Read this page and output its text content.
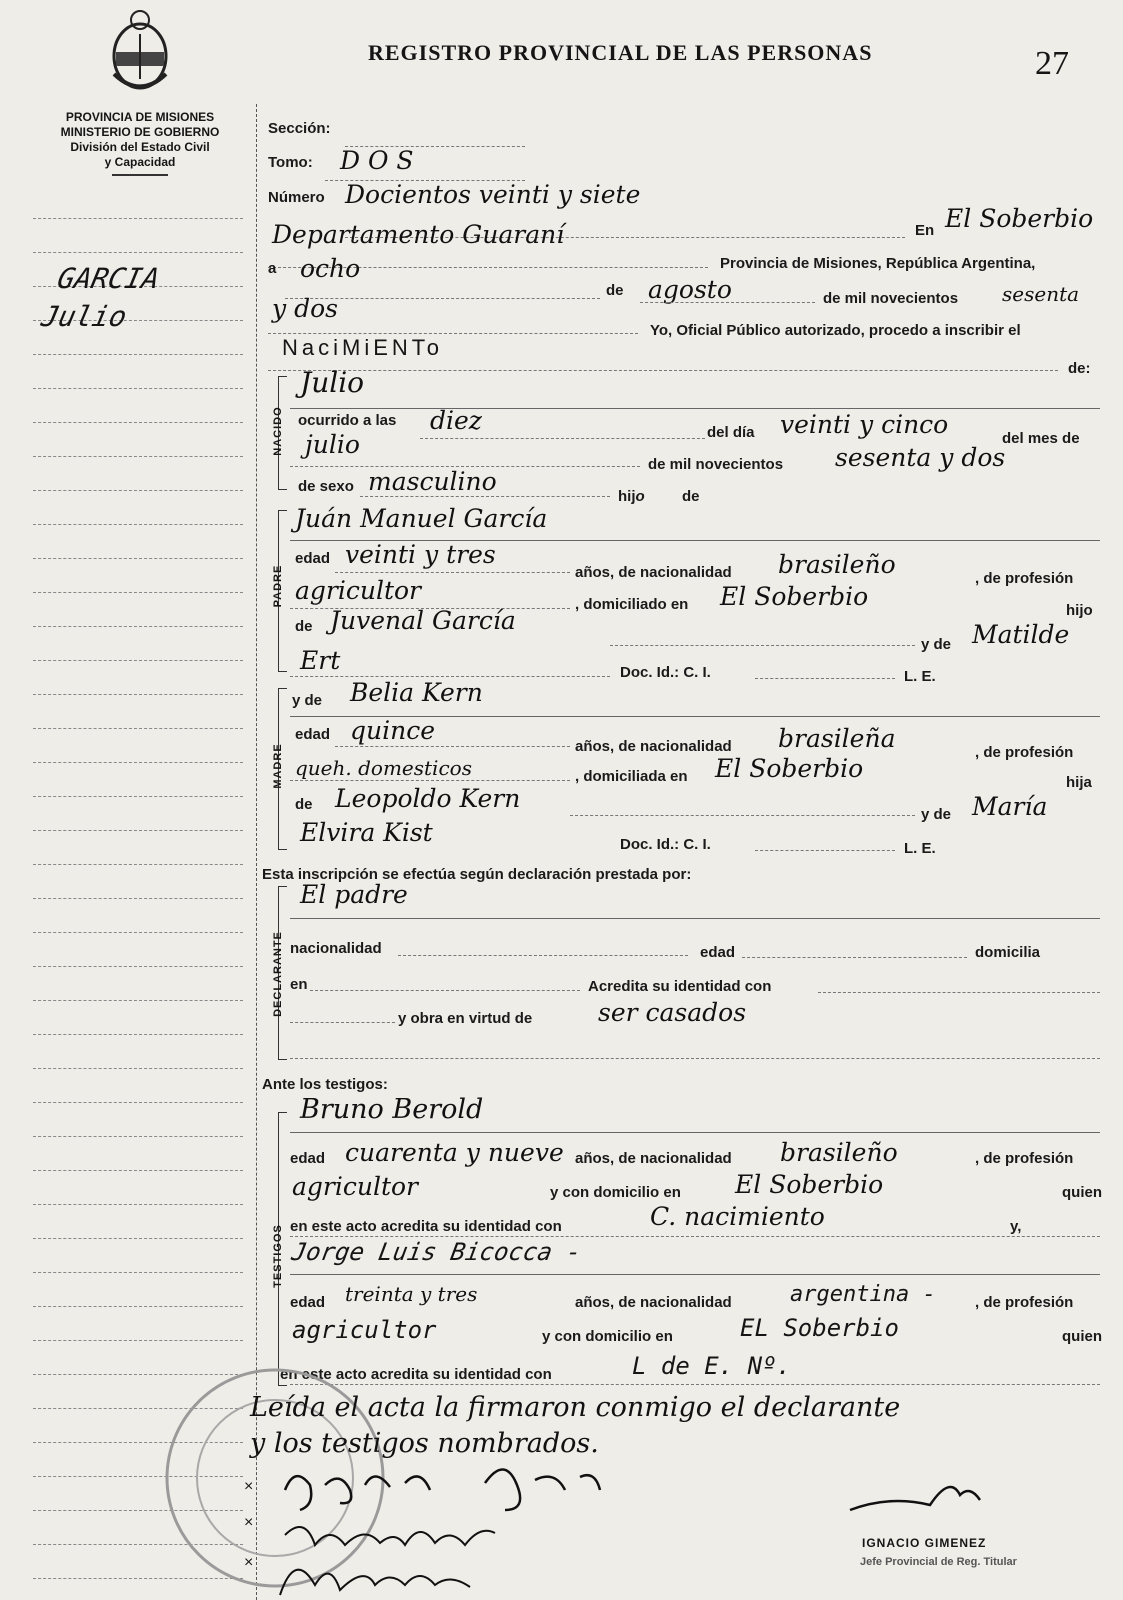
REGISTRO PROVINCIAL DE LAS PERSONAS	27
PROVINCIA DE MISIONES
MINISTERIO DE GOBIERNO
División del Estado Civil
y Capacidad
GARCIA
Julio
Sección:
Tomo: D O S
Número Docientos veinti y siete
En El Soberbio
Departamento Guaraní
Provincia de Misiones, República Argentina,
a ocho
de agosto	de mil novecientos sesenta
y dos
Yo, Oficial Público autorizado, procedo a inscribir el
NaciMiENTo
de:
NACIDO
Julio
ocurrido a las diez	del día veinti y cinco	del mes de
julio
de mil novecientos sesenta y dos
de sexo masculino
hijo de
PADRE
Juán Manuel García
edad veinti y tres
años, de nacionalidad brasileño	, de profesión
agricultor	, domiciliado en El Soberbio	hijo
de Juvenal García
y de Matilde
Ert	Doc. Id.: C. I.	L. E.
MADRE
y de Belia Kern
edad quince
años, de nacionalidad brasileña	, de profesión
queh. domesticos	, domiciliada en El Soberbio	hija
de Leopoldo Kern
y de María
Elvira Kist	Doc. Id.: C. I.	L. E.
Esta inscripción se efectúa según declaración prestada por:
DECLARANTE
El padre
nacionalidad	edad	domicilia
en	Acredita su identidad con
y obra en virtud de	ser casados
Ante los testigos:
TESTIGOS
Bruno Berold
edad cuarenta y nueve años, de nacionalidad brasileño	, de profesión
agricultor	y con domicilio en El Soberbio	quien
en este acto acredita su identidad con	C. nacimiento	y,
Jorge Luis Bicocca -
edad treinta y tres	años, de nacionalidad	argentina -	, de profesión
agricultor	y con domicilio en	EL Soberbio	quien
en este acto acredita su identidad con	L de E. Nº.
Leída el acta la firmaron conmigo el declarante
y los testigos nombrados.
×
×
×
IGNACIO GIMENEZ
Jefe Provincial de Reg. Titular
